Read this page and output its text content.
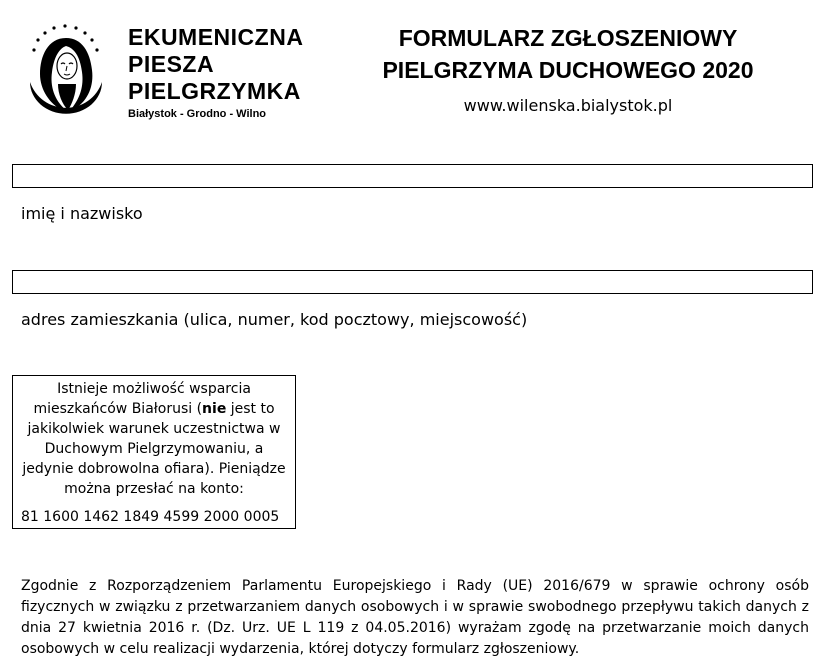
EKUMENICZNA
PIESZA
PIELGRZYMKA
Białystok - Grodno - Wilno
FORMULARZ ZGŁOSZENIOWY
PIELGRZYMA DUCHOWEGO 2020
www.wilenska.bialystok.pl
imię i nazwisko
adres zamieszkania (ulica, numer, kod pocztowy, miejscowość)
Istnieje możliwość wsparcia mieszkańców Białorusi (nie jest to jakikolwiek warunek uczestnictwa w Duchowym Pielgrzymowaniu, a jedynie dobrowolna ofiara). Pieniądze można przesłać na konto:
81 1600 1462 1849 4599 2000 0005
Zgodnie z Rozporządzeniem Parlamentu Europejskiego i Rady (UE) 2016/679 w sprawie ochrony osób fizycznych w związku z przetwarzaniem danych osobowych i w sprawie swobodnego przepływu takich danych z dnia 27 kwietnia 2016 r. (Dz. Urz. UE L 119 z 04.05.2016) wyrażam zgodę na przetwarzanie moich danych osobowych w celu realizacji wydarzenia, której dotyczy formularz zgłoszeniowy.
